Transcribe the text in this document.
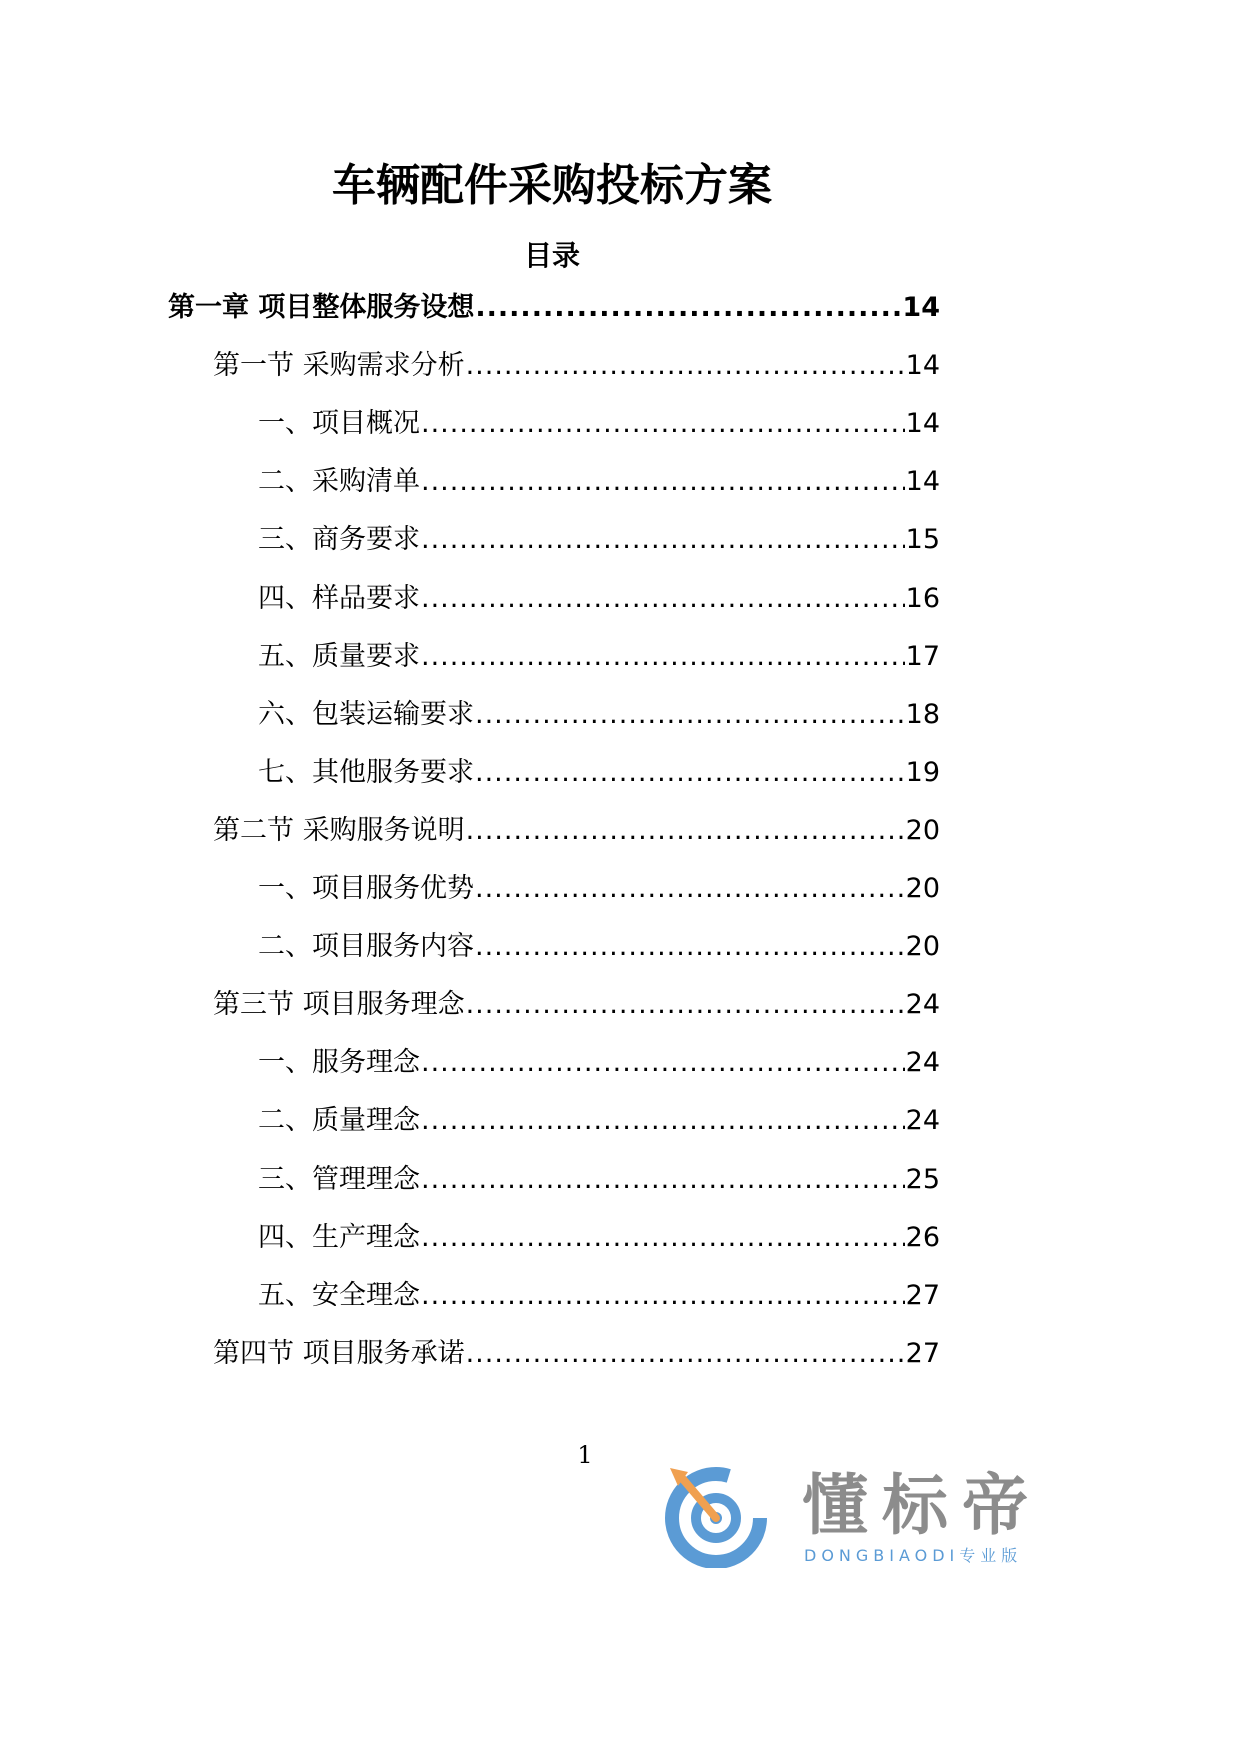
车辆配件采购投标方案
目录
第一章 项目整体服务设想 .....	14
第一节 采购需求分析 .....	14
一、项目概况 .....	14
二、采购清单 .....	14
三、商务要求 .....	15
四、样品要求 .....	16
五、质量要求 .....	17
六、包装运输要求 .....	18
七、其他服务要求 .....	19
第二节 采购服务说明 .....	20
一、项目服务优势 .....	20
二、项目服务内容 .....	20
第三节 项目服务理念 .....	24
一、服务理念 .....	24
二、质量理念 .....	24
三、管理理念 .....	25
四、生产理念 .....	26
五、安全理念 .....	27
第四节 项目服务承诺 .....	27
1
懂标帝
DONGBIAODI专业版
